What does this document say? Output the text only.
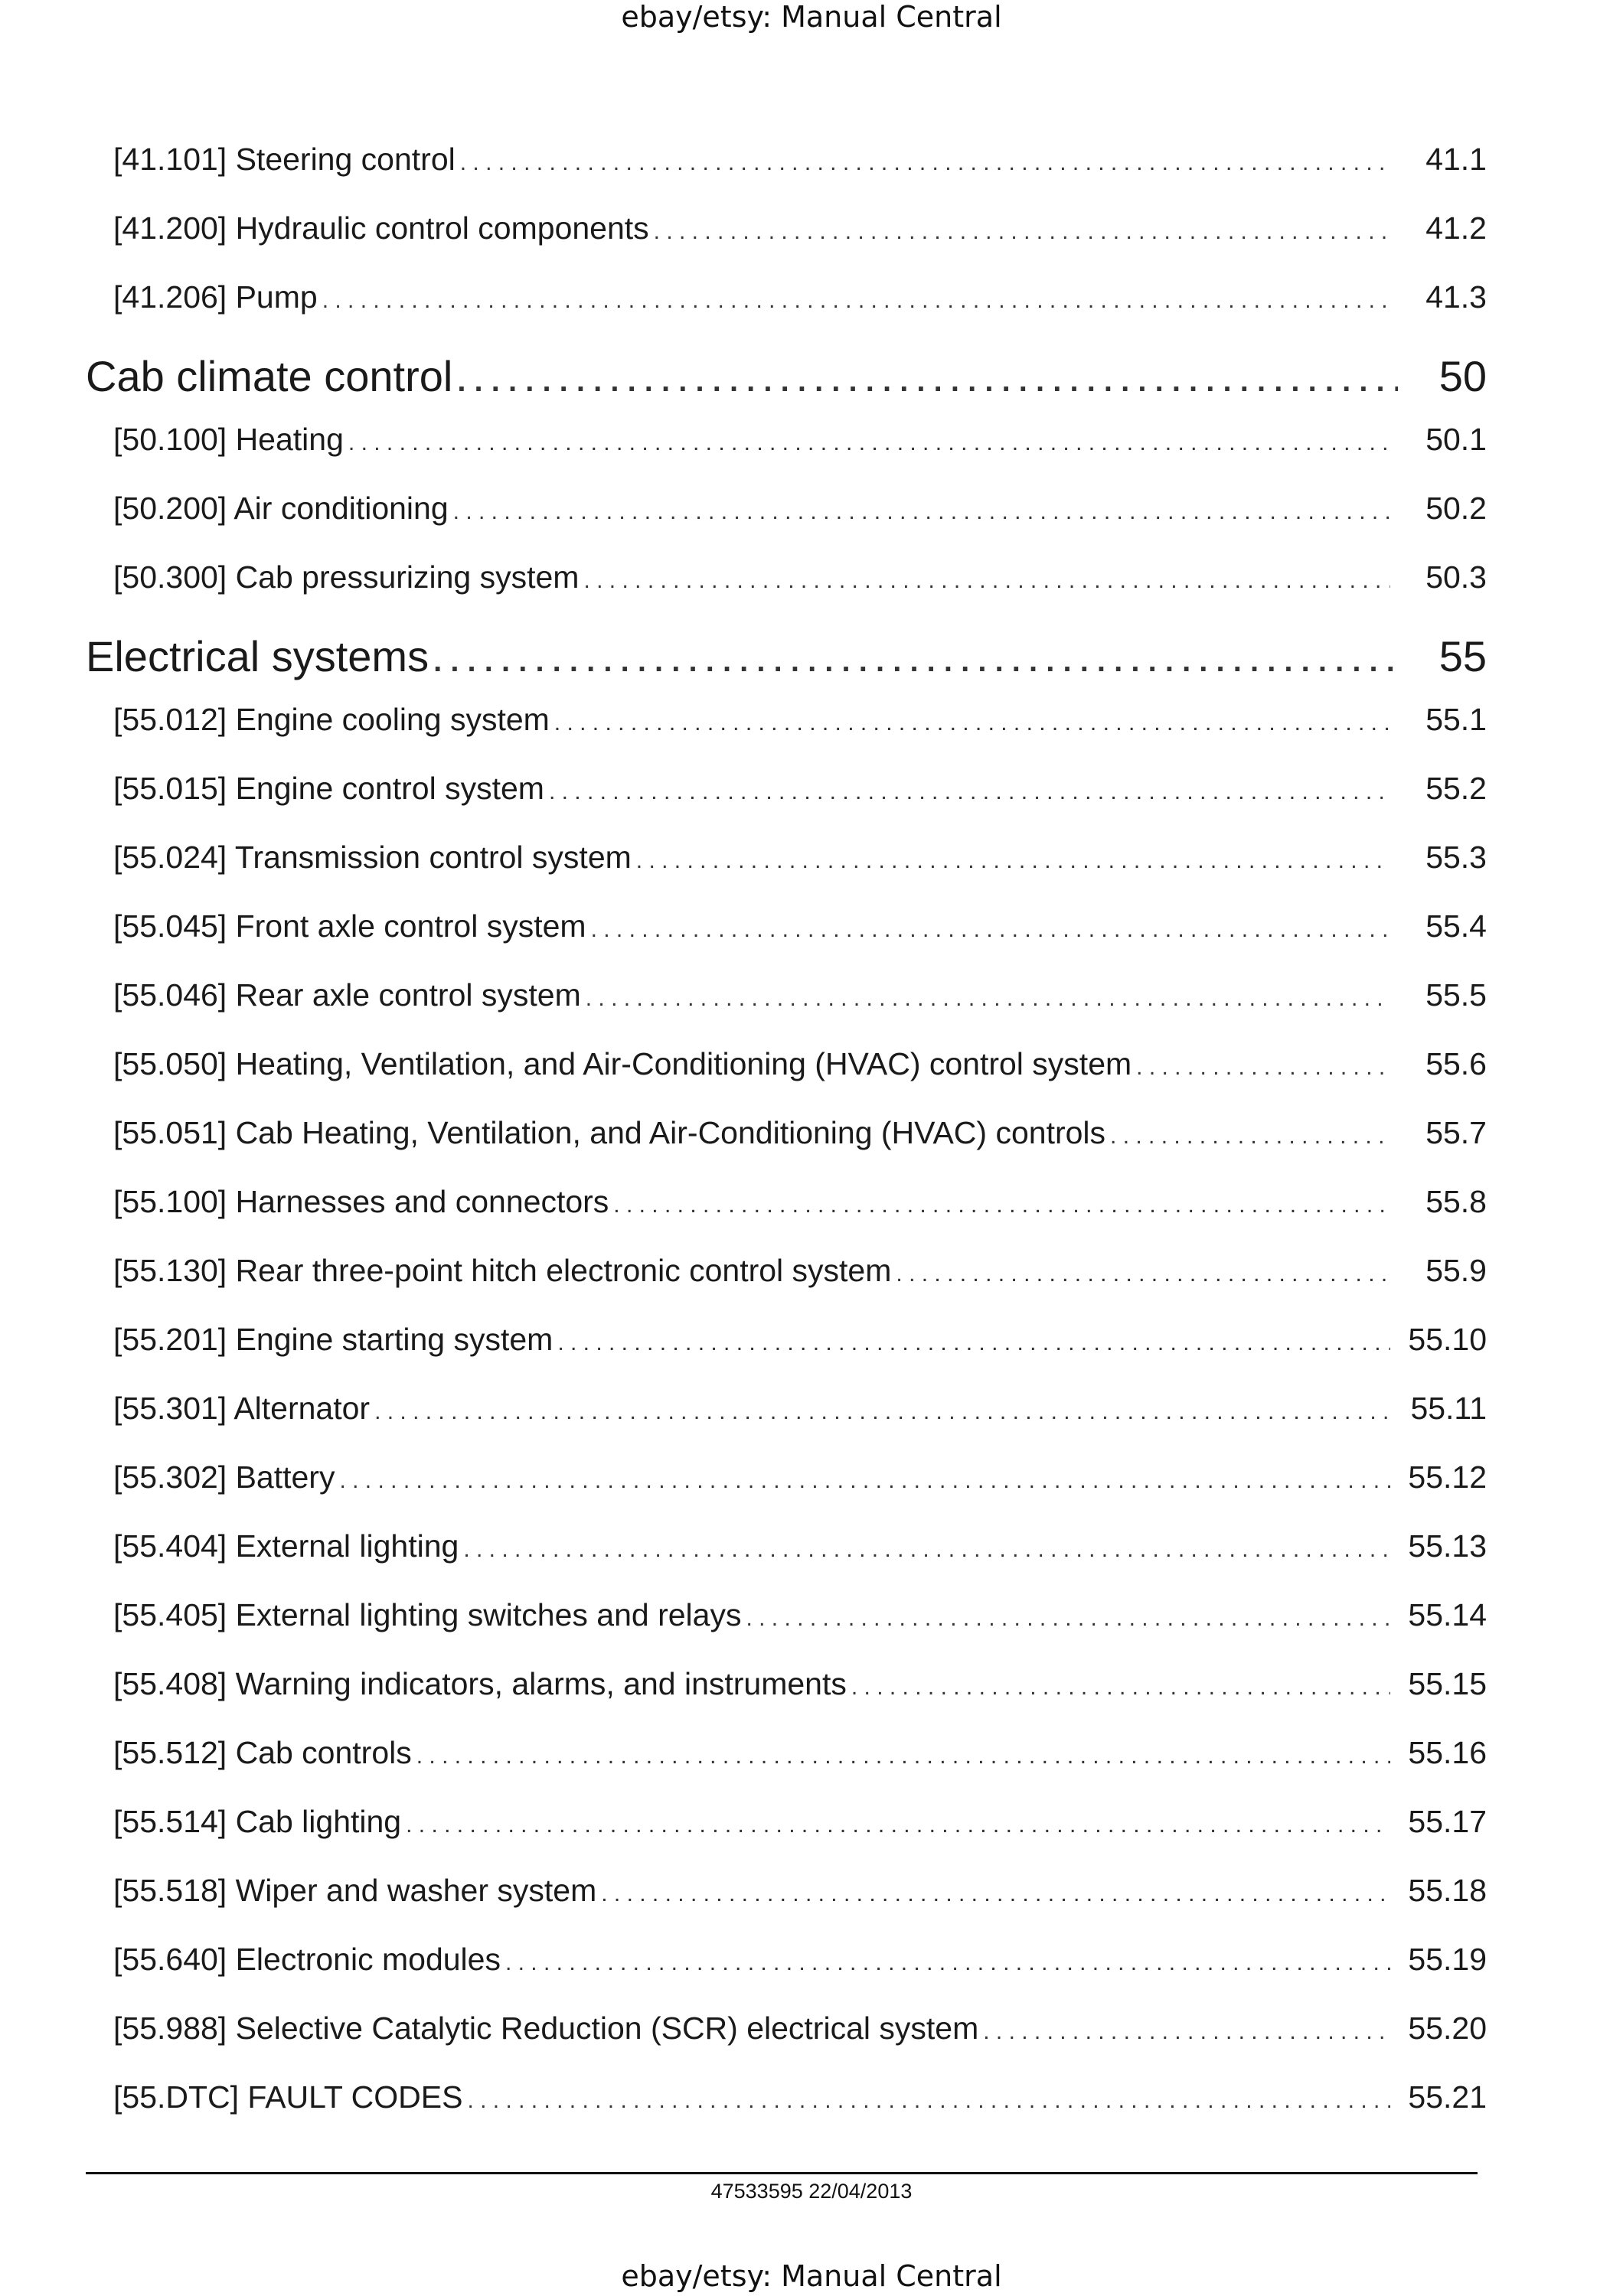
ebay/etsy: Manual Central
[41.101] Steering control . . .	41.1
[41.200] Hydraulic control components . . .	41.2
[41.206] Pump . . .	41.3
Cab climate control . . .	50
[50.100] Heating . . .	50.1
[50.200] Air conditioning . . .	50.2
[50.300] Cab pressurizing system . . .	50.3
Electrical systems . . .	55
[55.012] Engine cooling system . . .	55.1
[55.015] Engine control system . . .	55.2
[55.024] Transmission control system . . .	55.3
[55.045] Front axle control system . . .	55.4
[55.046] Rear axle control system . . .	55.5
[55.050] Heating, Ventilation, and Air-Conditioning (HVAC) control system . . .	55.6
[55.051] Cab Heating, Ventilation, and Air-Conditioning (HVAC) controls . . .	55.7
[55.100] Harnesses and connectors . . .	55.8
[55.130] Rear three-point hitch electronic control system . . .	55.9
[55.201] Engine starting system . . .	55.10
[55.301] Alternator . . .	55.11
[55.302] Battery . . .	55.12
[55.404] External lighting . . .	55.13
[55.405] External lighting switches and relays . . .	55.14
[55.408] Warning indicators, alarms, and instruments . . .	55.15
[55.512] Cab controls . . .	55.16
[55.514] Cab lighting . . .	55.17
[55.518] Wiper and washer system . . .	55.18
[55.640] Electronic modules . . .	55.19
[55.988] Selective Catalytic Reduction (SCR) electrical system . . .	55.20
[55.DTC] FAULT CODES . . .	55.21
47533595 22/04/2013
ebay/etsy: Manual Central
